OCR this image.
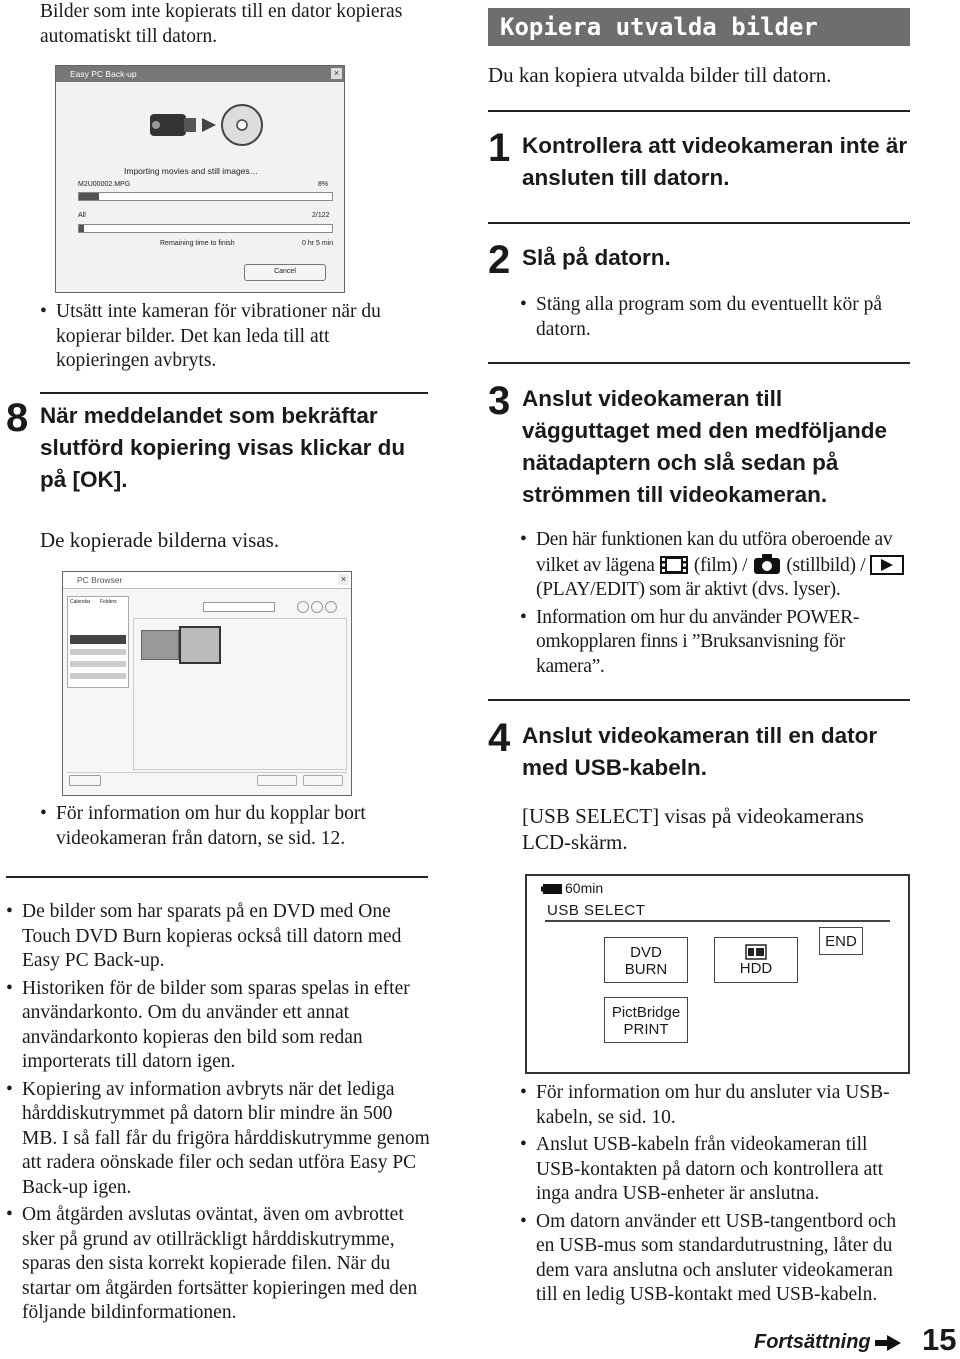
Bilder som inte kopierats till en dator kopieras automatiskt till datorn.
Easy PC Back-up	×
Importing movies and still images…
M2U00002.MPG	8%
All	2/122
Remaining time to finish	0 hr 5 min
Cancel
• Utsätt inte kameran för vibrationer när du kopierar bilder. Det kan leda till att kopieringen avbryts.
8 När meddelandet som bekräftar slutförd kopiering visas klickar du på [OK].
De kopierade bilderna visas.
PC Browser	×
Calendar Folders
• För information om hur du kopplar bort videokameran från datorn, se sid. 12.
• De bilder som har sparats på en DVD med One Touch DVD Burn kopieras också till datorn med Easy PC Back-up.
• Historiken för de bilder som sparas spelas in efter användarkonto. Om du använder ett annat användarkonto kopieras den bild som redan importerats till datorn igen.
• Kopiering av information avbryts när det lediga hårddiskutrymmet på datorn blir mindre än 500 MB. I så fall får du frigöra hårddiskutrymme genom att radera oönskade filer och sedan utföra Easy PC Back-up igen.
• Om åtgärden avslutas oväntat, även om avbrottet sker på grund av otillräckligt hårddiskutrymme, sparas den sista korrekt kopierade filen. När du startar om åtgärden fortsätter kopieringen med den följande bildinformationen.
Kopiera utvalda bilder
Du kan kopiera utvalda bilder till datorn.
1 Kontrollera att videokameran inte är ansluten till datorn.
2 Slå på datorn.
• Stäng alla program som du eventuellt kör på datorn.
3 Anslut videokameran till vägguttaget med den medföljande nätadaptern och slå sedan på strömmen till videokameran.
• Den här funktionen kan du utföra oberoende av vilket av lägena (film) / (stillbild) /  (PLAY/EDIT) som är aktivt (dvs. lyser).
• Information om hur du använder POWER-omkopplaren finns i ”Bruksanvisning för kamera”.
4 Anslut videokameran till en dator med USB-kabeln.
[USB SELECT] visas på videokamerans LCD-skärm.
60min
USB SELECT
DVD
BURN	HDD
END
PictBridge
PRINT
• För information om hur du ansluter via USB-kabeln, se sid. 10.
• Anslut USB-kabeln från videokameran till USB-kontakten på datorn och kontrollera att inga andra USB-enheter är anslutna.
• Om datorn använder ett USB-tangentbord och en USB-mus som standardutrustning, låter du dem vara anslutna och ansluter videokameran till en ledig USB-kontakt med USB-kabeln.
Fortsättning 15
